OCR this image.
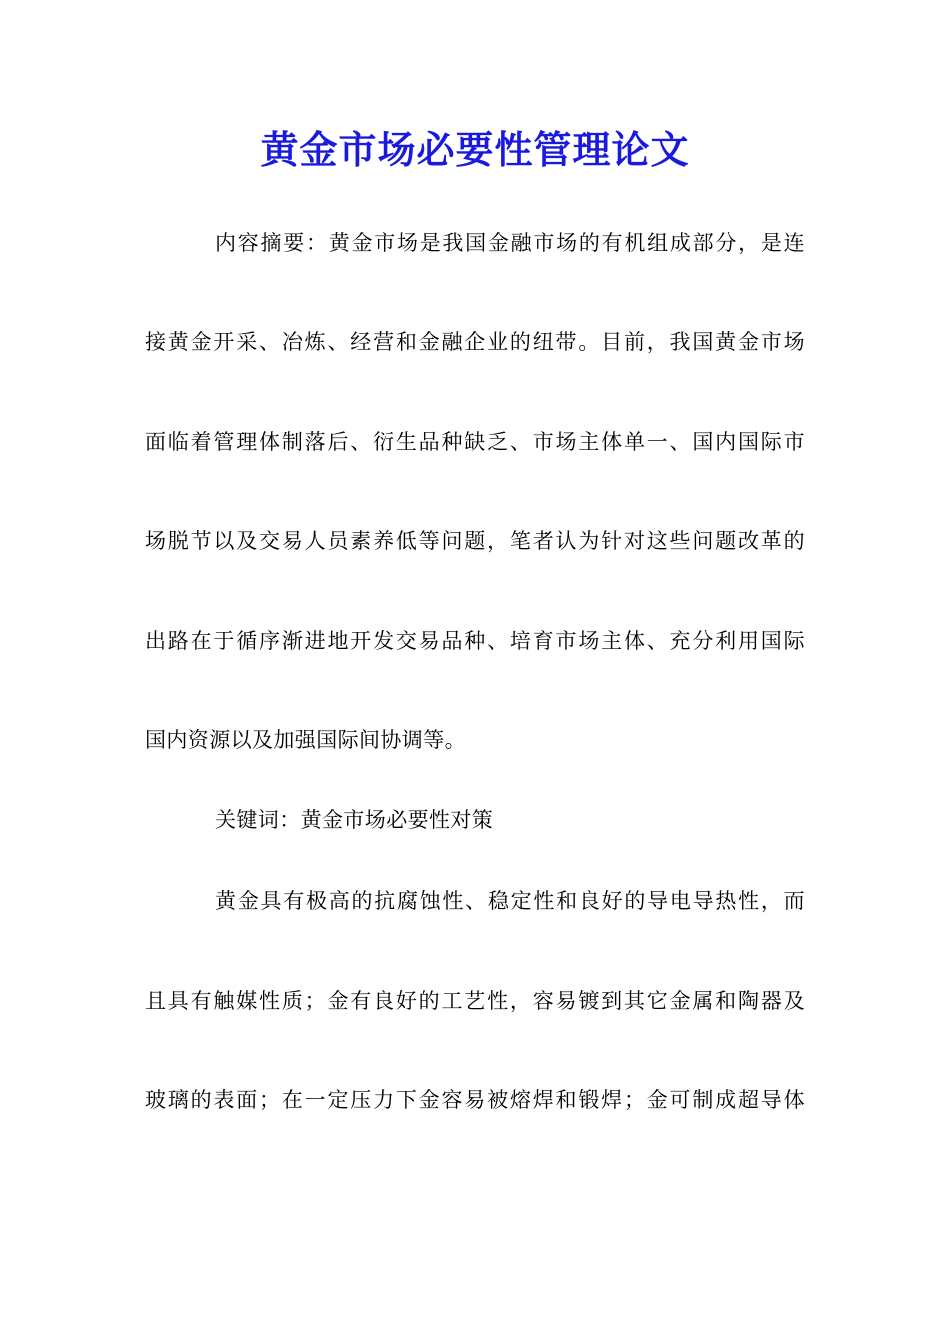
黄金市场必要性管理论文
内容摘要：黄金市场是我国金融市场的有机组成部分，是连
接黄金开采、冶炼、经营和金融企业的纽带。目前，我国黄金市场
面临着管理体制落后、衍生品种缺乏、市场主体单一、国内国际市
场脱节以及交易人员素养低等问题，笔者认为针对这些问题改革的
出路在于循序渐进地开发交易品种、培育市场主体、充分利用国际
国内资源以及加强国际间协调等。
关键词：黄金市场必要性对策
黄金具有极高的抗腐蚀性、稳定性和良好的导电导热性，而
且具有触媒性质；金有良好的工艺性，容易镀到其它金属和陶器及
玻璃的表面；在一定压力下金容易被熔焊和锻焊；金可制成超导体
